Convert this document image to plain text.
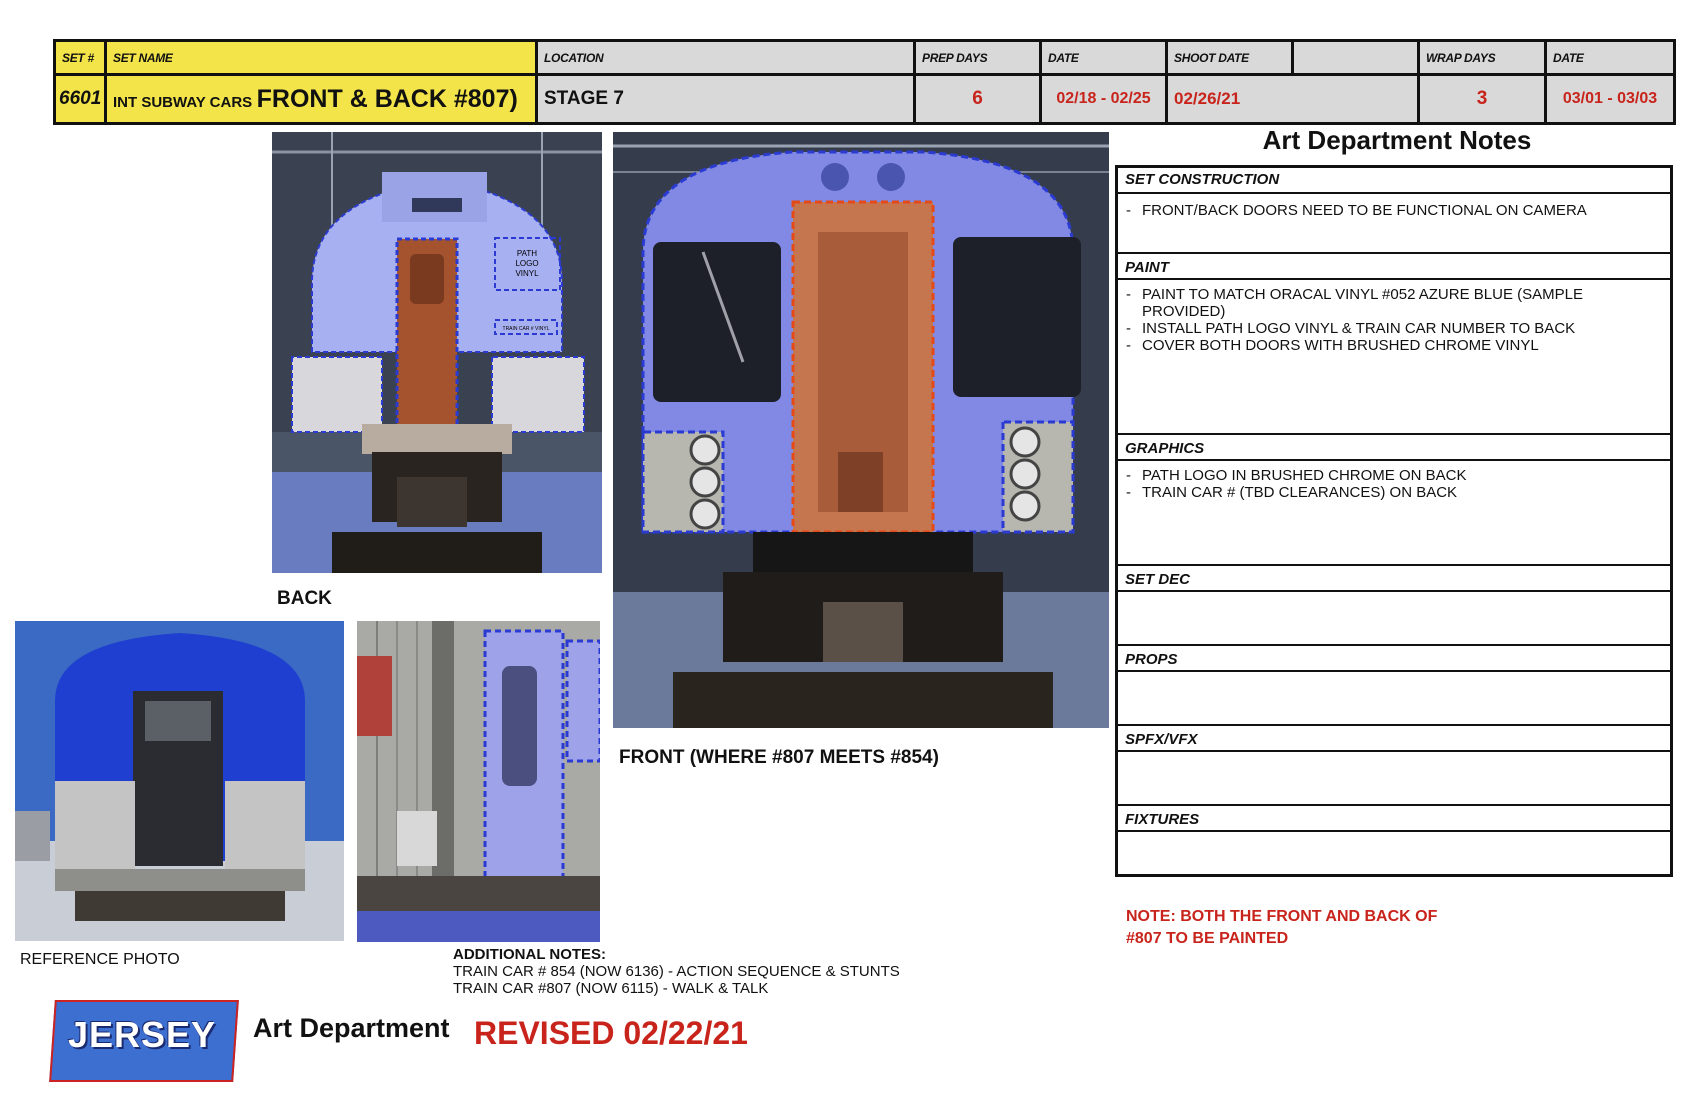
SET #	SET NAME	LOCATION	PREP DAYS	DATE	SHOOT DATE		WRAP DAYS	DATE
6601	INT SUBWAY CARS FRONT & BACK #807)	STAGE 7	6	02/18 - 02/25	02/26/21		3	03/01 - 03/03
PATH LOGO VINYL
TRAIN CAR # VINYL
BACK
FRONT (WHERE #807 MEETS #854)
REFERENCE PHOTO	ADDITIONAL NOTES:
TRAIN CAR # 854 (NOW 6136) - ACTION SEQUENCE & STUNTS
TRAIN CAR #807 (NOW 6115) - WALK & TALK
Art Department Notes
SET CONSTRUCTION
- FRONT/BACK DOORS NEED TO BE FUNCTIONAL ON CAMERA
PAINT
- PAINT TO MATCH ORACAL VINYL #052 AZURE BLUE (SAMPLE PROVIDED)
- INSTALL PATH LOGO VINYL & TRAIN CAR NUMBER TO BACK
- COVER BOTH DOORS WITH BRUSHED CHROME VINYL
GRAPHICS
- PATH LOGO IN BRUSHED CHROME ON BACK
- TRAIN CAR # (TBD CLEARANCES) ON BACK
SET DEC
PROPS
SPFX/VFX
FIXTURES
NOTE: BOTH THE FRONT AND BACK OF
#807 TO BE PAINTED
JERSEY	Art Department REVISED 02/22/21
